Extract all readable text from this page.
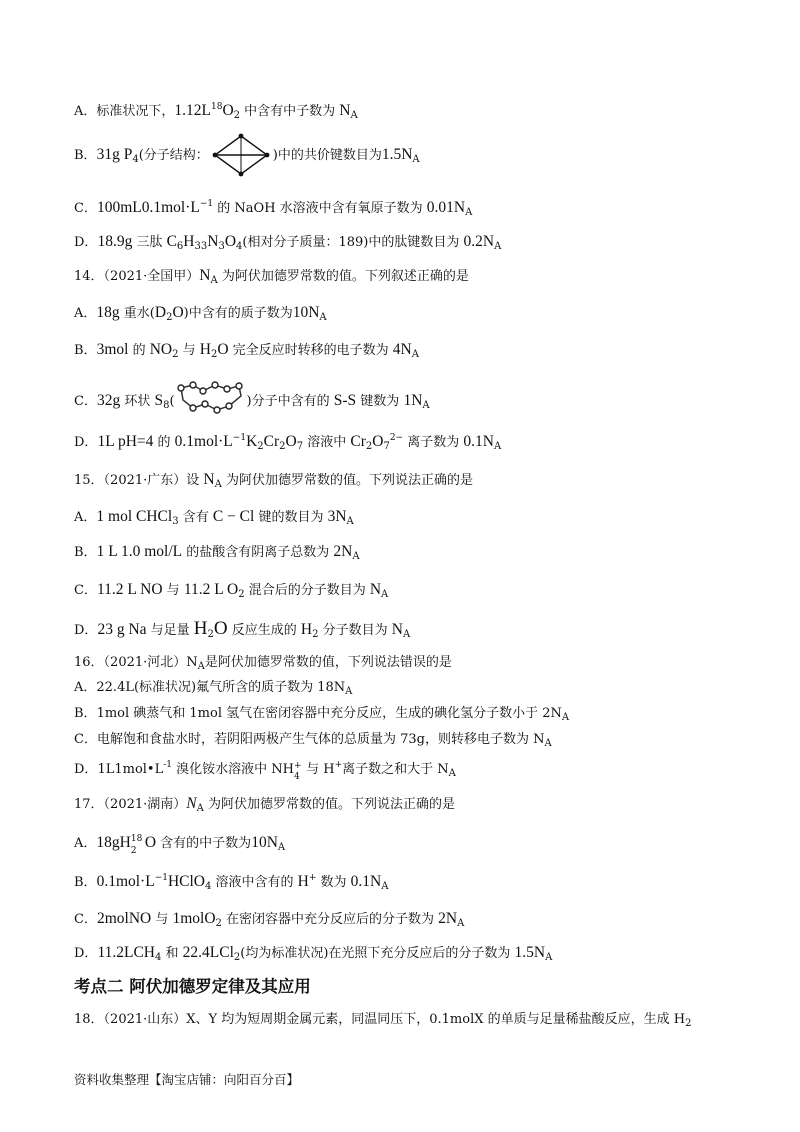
A．标准状况下，$1.12L^{18}O_2$ 中含有中子数为 $N_A$
B．31g $P_4$(分子结构：	)中的共价键数目为$1.5N_A$
C．$100mL0.1mol\cdot L^{-1}$ 的 NaOH 水溶液中含有氧原子数为 $0.01N_A$
D．18.9g 三肽 $C_6H_{33}N_3O_4$(相对分子质量：189)中的肽键数目为 $0.2N_A$
14．（2021·全国甲）$N_A$ 为阿伏加德罗常数的值。下列叙述正确的是
A．18g 重水$(D_2O)$中含有的质子数为$10N_A$
B．3mol 的 $NO_2$ 与 $H_2O$ 完全反应时转移的电子数为 $4N_A$
C．32g 环状 $S_8$(	)分子中含有的 S-S 键数为 $1N_A$
D．1L pH=4 的 $0.1mol\cdot L^{-1}K_2Cr_2O_7$ 溶液中 $Cr_2O_7^{2-}$ 离子数为 $0.1N_A$
15．（2021·广东）设 $N_A$ 为阿伏加德罗常数的值。下列说法正确的是
A．1 mol CHCl$_3$ 含有 C − Cl 键的数目为 $3N_A$
B．1 L 1.0 mol/L 的盐酸含有阴离子总数为 $2N_A$
C．11.2 L NO 与 11.2 L $O_2$ 混合后的分子数目为 $N_A$
D．23 g Na 与足量 $H_2O$ 反应生成的 $H_2$ 分子数目为 $N_A$
16．（2021·河北）$N_A$是阿伏加德罗常数的值，下列说法错误的是
A．22.4L(标准状况)氟气所含的质子数为 $18N_A$
B．1mol 碘蒸气和 1mol 氢气在密闭容器中充分反应，生成的碘化氢分子数小于 $2N_A$
C．电解饱和食盐水时，若阴阳两极产生气体的总质量为 73g，则转移电子数为 $N_A$
D．$1L1mol•L^{-1}$ 溴化铵水溶液中 NH +
4 与 H+离子数之和大于 $N_A$
17．（2021·湖南）$N_A$ 为阿伏加德罗常数的值。下列说法正确的是
A．18gH 18
2 O 含有的中子数为$10N_A$
B．$0.1mol\cdot L^{-1}HClO_4$ 溶液中含有的 H+ 数为 $0.1N_A$
C．2molNO 与 1molO$_2$ 在密闭容器中充分反应后的分子数为 $2N_A$
D．$11.2LCH_4$ 和 22.4LCl$_2$(均为标准状况)在光照下充分反应后的分子数为 $1.5N_A$
考点二 阿伏加德罗定律及其应用
18．（2021·山东）X、Y 均为短周期金属元素，同温同压下，0.1molX 的单质与足量稀盐酸反应，生成 $H_2$
资料收集整理【淘宝店铺：向阳百分百】
